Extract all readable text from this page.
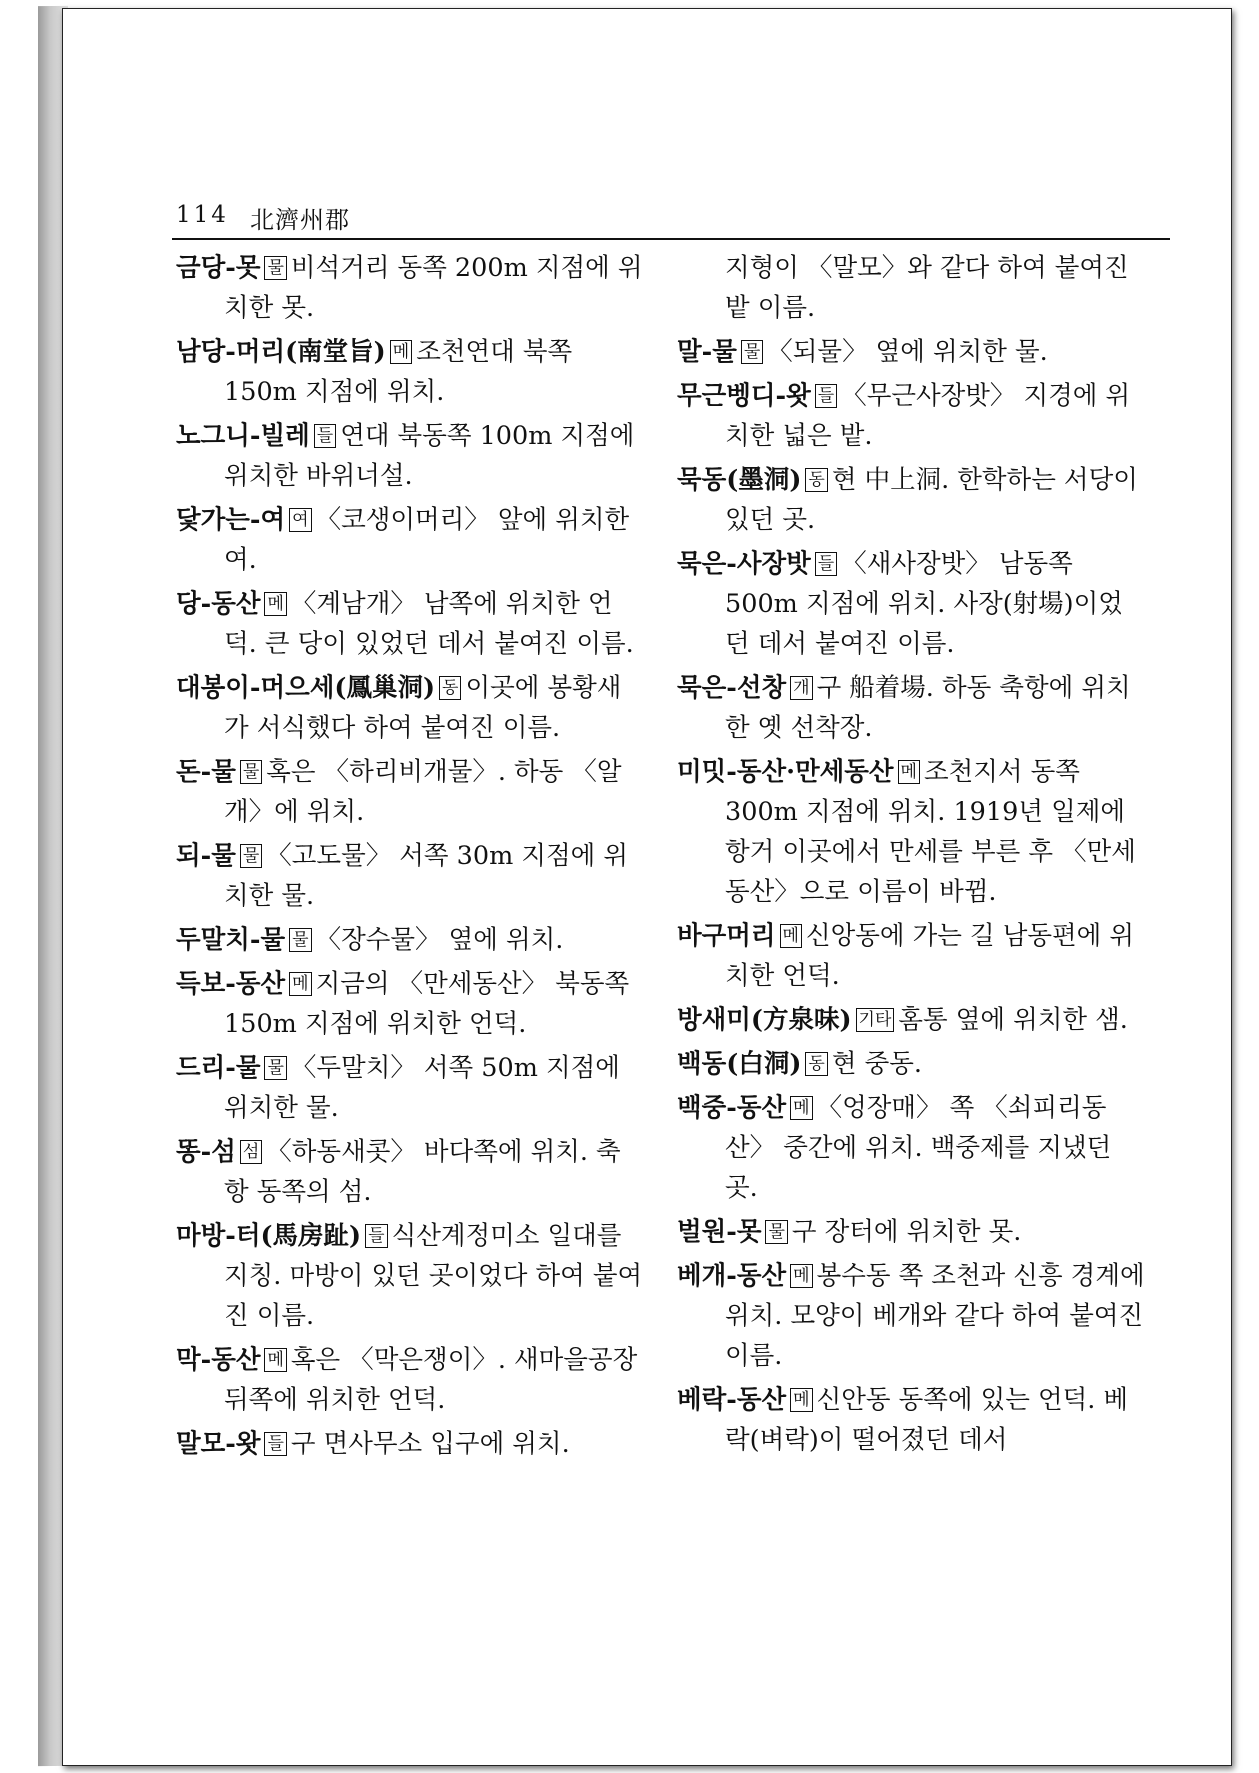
114 北濟州郡

금당-못 물 비석거리 동쪽 200m 지점에 위치한 못.

남당-머리(南堂旨) 메 조천연대 북쪽 150m 지점에 위치.

노그니-빌레 들 연대 북동쪽 100m 지점에 위치한 바위너설.

닻가는-여 여 〈코생이머리〉 앞에 위치한 여.

당-동산 메 〈계남개〉 남쪽에 위치한 언덕. 큰 당이 있었던 데서 붙여진 이름.

대봉이-머으세(鳳巢洞) 동 이곳에 봉황새가 서식했다 하여 붙여진 이름.

돈-물 물 혹은 〈하리비개물〉. 하동 〈알개〉에 위치.

되-물 물 〈고도물〉 서쪽 30m 지점에 위치한 물.

두말치-물 물 〈장수물〉 옆에 위치.

득보-동산 메 지금의 〈만세동산〉 북동쪽 150m 지점에 위치한 언덕.

드리-물 물 〈두말치〉 서쪽 50m 지점에 위치한 물.

똥-섬 섬 〈하동새콧〉 바다쪽에 위치. 축항 동쪽의 섬.

마방-터(馬房趾) 들 식산계정미소 일대를 지칭. 마방이 있던 곳이었다 하여 붙여진 이름.

막-동산 메 혹은 〈막은쟁이〉. 새마을공장 뒤쪽에 위치한 언덕.

말모-왓 들 구 면사무소 입구에 위치.

지형이 〈말모〉와 같다 하여 붙여진 밭 이름.

말-물 물 〈되물〉 옆에 위치한 물.

무근벵디-왓 들 〈무근사장밧〉 지경에 위치한 넓은 밭.

묵동(墨洞) 동 현 中上洞. 한학하는 서당이 있던 곳.

묵은-사장밧 들 〈새사장밧〉 남동쪽 500m 지점에 위치. 사장(射場)이었던 데서 붙여진 이름.

묵은-선창 개 구 船着場. 하동 축항에 위치한 옛 선착장.

미밋-동산·만세동산 메 조천지서 동쪽 300m 지점에 위치. 1919년 일제에 항거 이곳에서 만세를 부른 후 〈만세동산〉으로 이름이 바뀜.

바구머리 메 신앙동에 가는 길 남동편에 위치한 언덕.

방새미(方泉味) 기타 홈통 옆에 위치한 샘.

백동(白洞) 동 현 중동.

백중-동산 메 〈엉장매〉 쪽 〈쇠피리동산〉 중간에 위치. 백중제를 지냈던 곳.

벌원-못 물 구 장터에 위치한 못.

베개-동산 메 봉수동 쪽 조천과 신흥 경계에 위치. 모양이 베개와 같다 하여 붙여진 이름.

베락-동산 메 신안동 동쪽에 있는 언덕. 베락(벼락)이 떨어졌던 데서
